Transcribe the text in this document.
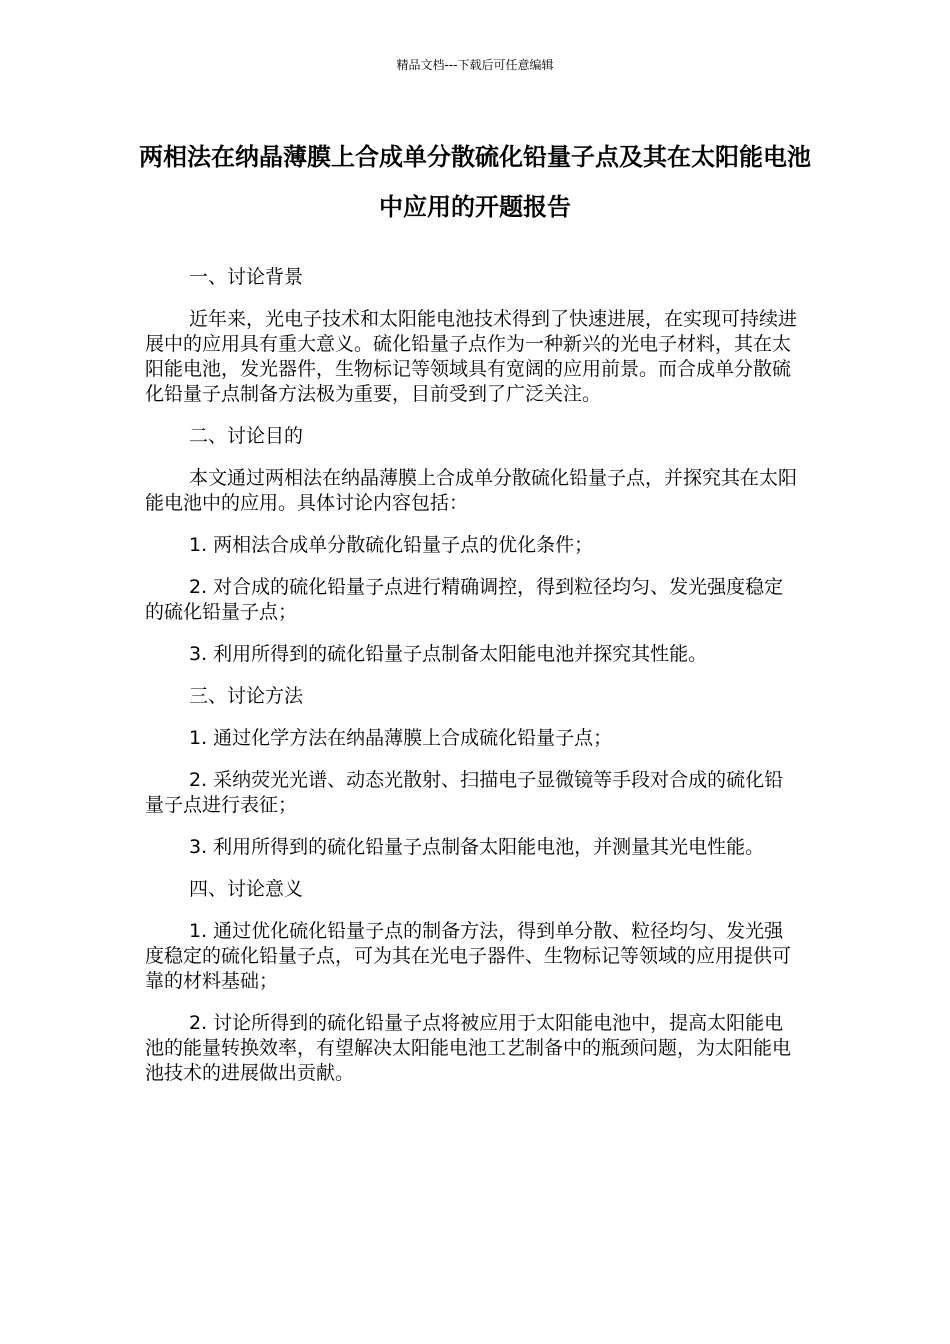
精品文档---下载后可任意编辑
两相法在纳晶薄膜上合成单分散硫化铅量子点及其在太阳能电池中应用的开题报告

一、讨论背景

近年来，光电子技术和太阳能电池技术得到了快速进展，在实现可持续进展中的应用具有重大意义。硫化铅量子点作为一种新兴的光电子材料，其在太阳能电池，发光器件，生物标记等领域具有宽阔的应用前景。而合成单分散硫化铅量子点制备方法极为重要，目前受到了广泛关注。

二、讨论目的

本文通过两相法在纳晶薄膜上合成单分散硫化铅量子点，并探究其在太阳能电池中的应用。具体讨论内容包括：

1. 两相法合成单分散硫化铅量子点的优化条件；

2. 对合成的硫化铅量子点进行精确调控，得到粒径均匀、发光强度稳定的硫化铅量子点；

3. 利用所得到的硫化铅量子点制备太阳能电池并探究其性能。

三、讨论方法

1. 通过化学方法在纳晶薄膜上合成硫化铅量子点；

2. 采纳荧光光谱、动态光散射、扫描电子显微镜等手段对合成的硫化铅量子点进行表征；

3. 利用所得到的硫化铅量子点制备太阳能电池，并测量其光电性能。

四、讨论意义

1. 通过优化硫化铅量子点的制备方法，得到单分散、粒径均匀、发光强度稳定的硫化铅量子点，可为其在光电子器件、生物标记等领域的应用提供可靠的材料基础；

2. 讨论所得到的硫化铅量子点将被应用于太阳能电池中，提高太阳能电池的能量转换效率，有望解决太阳能电池工艺制备中的瓶颈问题，为太阳能电池技术的进展做出贡献。
